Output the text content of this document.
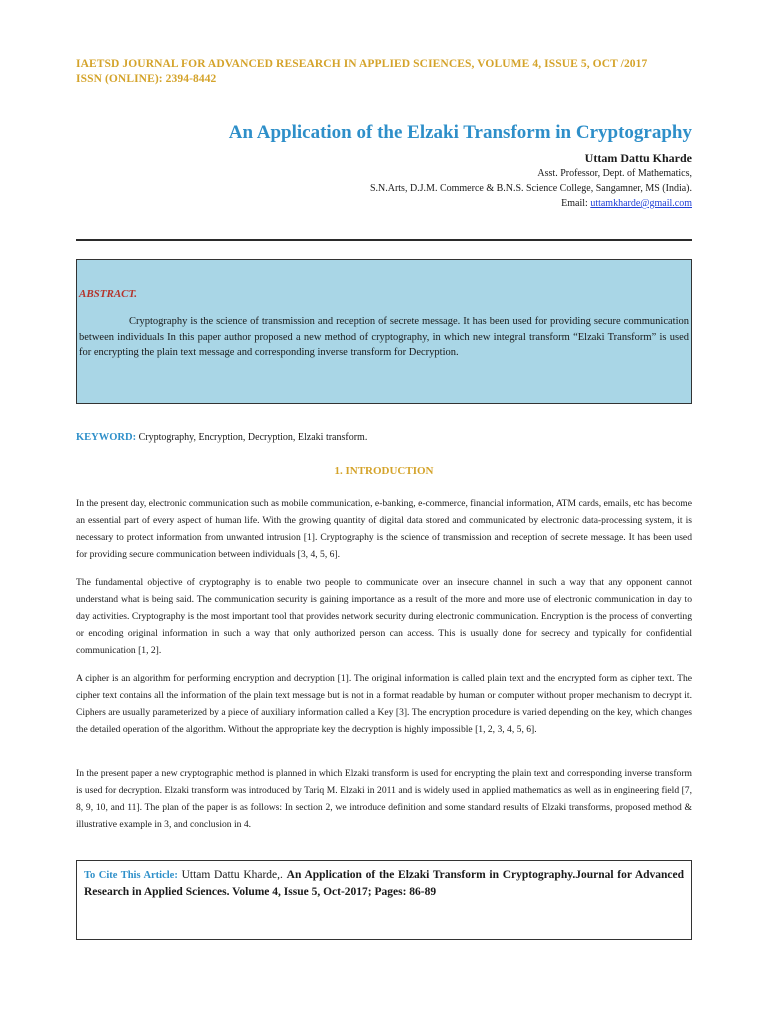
IAETSD JOURNAL FOR ADVANCED RESEARCH IN APPLIED SCIENCES, VOLUME 4, ISSUE 5, OCT /2017
ISSN (ONLINE): 2394-8442
An Application of the Elzaki Transform in Cryptography
Uttam Dattu Kharde
Asst. Professor, Dept. of Mathematics,
S.N.Arts, D.J.M. Commerce & B.N.S. Science College, Sangamner, MS (India).
Email: uttamkharde@gmail.com
ABSTRACT.
Cryptography is the science of transmission and reception of secrete message. It has been used for providing secure communication between individuals In this paper author proposed a new method of cryptography, in which new integral transform “Elzaki Transform” is used for encrypting the plain text message and corresponding inverse transform for Decryption.
KEYWORD: Cryptography, Encryption, Decryption, Elzaki transform.
1. INTRODUCTION

In the present day, electronic communication such as mobile communication, e-banking, e-commerce, financial information, ATM cards, emails, etc has become an essential part of every aspect of human life. With the growing quantity of digital data stored and communicated by electronic data-processing system, it is necessary to protect information from unwanted intrusion [1]. Cryptography is the science of transmission and reception of secrete message. It has been used for providing secure communication between individuals [3, 4, 5, 6].

The fundamental objective of cryptography is to enable two people to communicate over an insecure channel in such a way that any opponent cannot understand what is being said. The communication security is gaining importance as a result of the more and more use of electronic communication in day to day activities. Cryptography is the most important tool that provides network security during electronic communication. Encryption is the process of converting or encoding original information in such a way that only authorized person can access. This is usually done for secrecy and typically for confidential communication [1, 2].

A cipher is an algorithm for performing encryption and decryption [1]. The original information is called plain text and the encrypted form as cipher text. The cipher text contains all the information of the plain text message but is not in a format readable by human or computer without proper mechanism to decrypt it. Ciphers are usually parameterized by a piece of auxiliary information called a Key [3]. The encryption procedure is varied depending on the key, which changes the detailed operation of the algorithm. Without the appropriate key the decryption is highly impossible [1, 2, 3, 4, 5, 6].

In the present paper a new cryptographic method is planned in which Elzaki transform is used for encrypting the plain text and corresponding inverse transform is used for decryption. Elzaki transform was introduced by Tariq M. Elzaki in 2011 and is widely used in applied mathematics as well as in engineering field [7, 8, 9, 10, and 11]. The plan of the paper is as follows: In section 2, we introduce definition and some standard results of Elzaki transforms, proposed method & illustrative example in 3, and conclusion in 4.

To Cite This Article: Uttam Dattu Kharde,. An Application of the Elzaki Transform in Cryptography.Journal for Advanced Research in Applied Sciences. Volume 4, Issue 5, Oct-2017; Pages: 86-89
